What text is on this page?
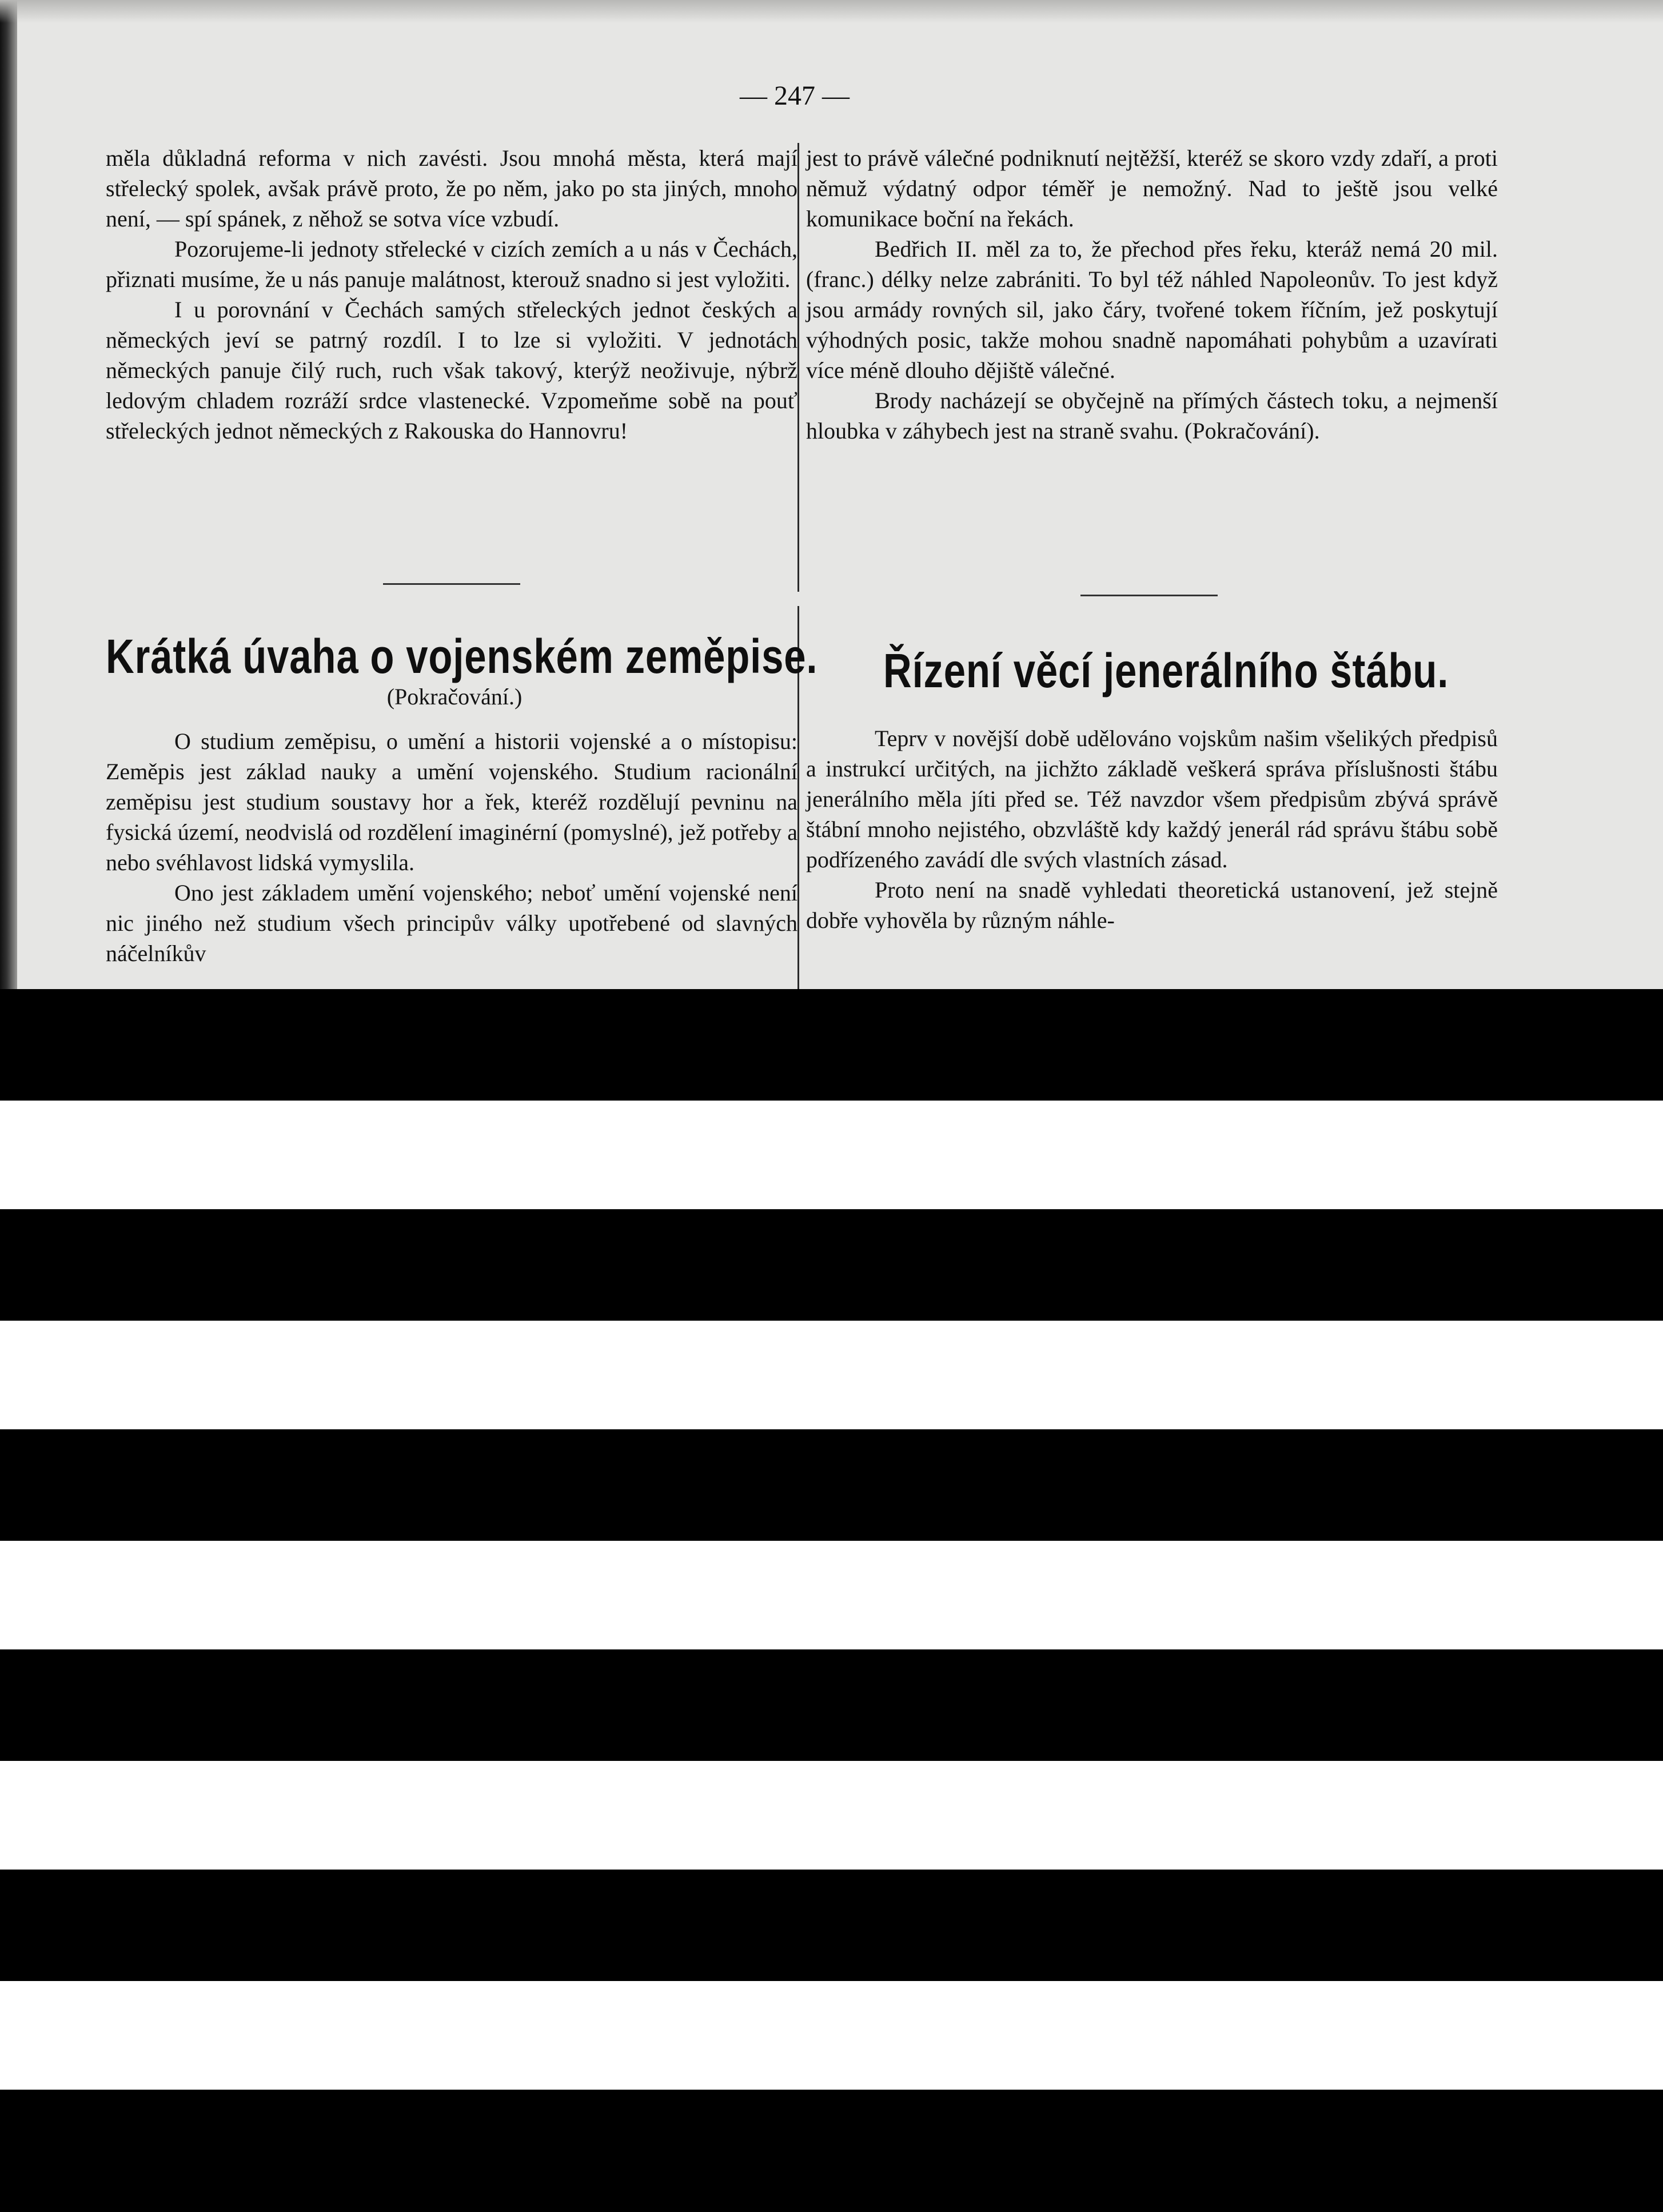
— 247 —

měla důkladná reforma v nich zavésti. Jsou mnohá města, která mají střelecký spolek, avšak právě proto, že po něm, jako po sta jiných, mnoho není, — spí spánek, z něhož se sotva více vzbudí.

Pozorujeme-li jednoty střelecké v cizích zemích a u nás v Čechách, přiznati musíme, že u nás panuje malátnost, kterouž snadno si jest vyložiti.

I u porovnání v Čechách samých střeleckých jednot českých a německých jeví se patrný rozdíl. I to lze si vyložiti. V jednotách německých panuje čilý ruch, ruch však takový, kterýž neoživuje, nýbrž ledovým chladem rozráží srdce vlastenecké. Vzpomeňme sobě na pouť střeleckých jednot německých z Rakouska do Hannovru!

jest to právě válečné podniknutí nejtěžší, kteréž se skoro vzdy zdaří, a proti němuž výdatný odpor téměř je nemožný. Nad to ještě jsou velké komunikace boční na řekách.

Bedřich II. měl za to, že přechod přes řeku, kteráž nemá 20 mil. (franc.) délky nelze zabrániti. To byl též náhled Napoleonův. To jest když jsou armády rovných sil, jako čáry, tvořené tokem říčním, jež poskytují výhodných posic, takže mohou snadně napomáhati pohybům a uzavírati více méně dlouho dějiště válečné.

Brody nacházejí se obyčejně na přímých částech toku, a nejmenší hloubka v záhybech jest na straně svahu. (Pokračování).

Krátká úvaha o vojenském zeměpise.

(Pokračování.)

O studium zeměpisu, o umění a historii vojenské a o místopisu: Zeměpis jest základ nauky a umění vojenského. Studium racionální zeměpisu jest studium soustavy hor a řek, kteréž rozdělují pevninu na fysická území, neodvislá od rozdělení imaginérní (pomyslné), jež potřeby a nebo svéhlavost lidská vymyslila.

Ono jest základem umění vojenského; neboť umění vojenské není nic jiného než studium všech principův války upotřebené od slavných náčelníkův

Řízení věcí jenerálního štábu.

Teprv v novější době udělováno vojskům našim všelikých předpisů a instrukcí určitých, na jichžto základě veškerá správa příslušnosti štábu jenerálního měla jíti před se. Též navzdor všem předpisům zbývá správě štábní mnoho nejistého, obzvláště kdy každý jenerál rád správu štábu sobě podřízeného zavádí dle svých vlastních zásad.

Proto není na snadě vyhledati theoretická ustanovení, jež stejně dobře vyhověla by různým náhle-
